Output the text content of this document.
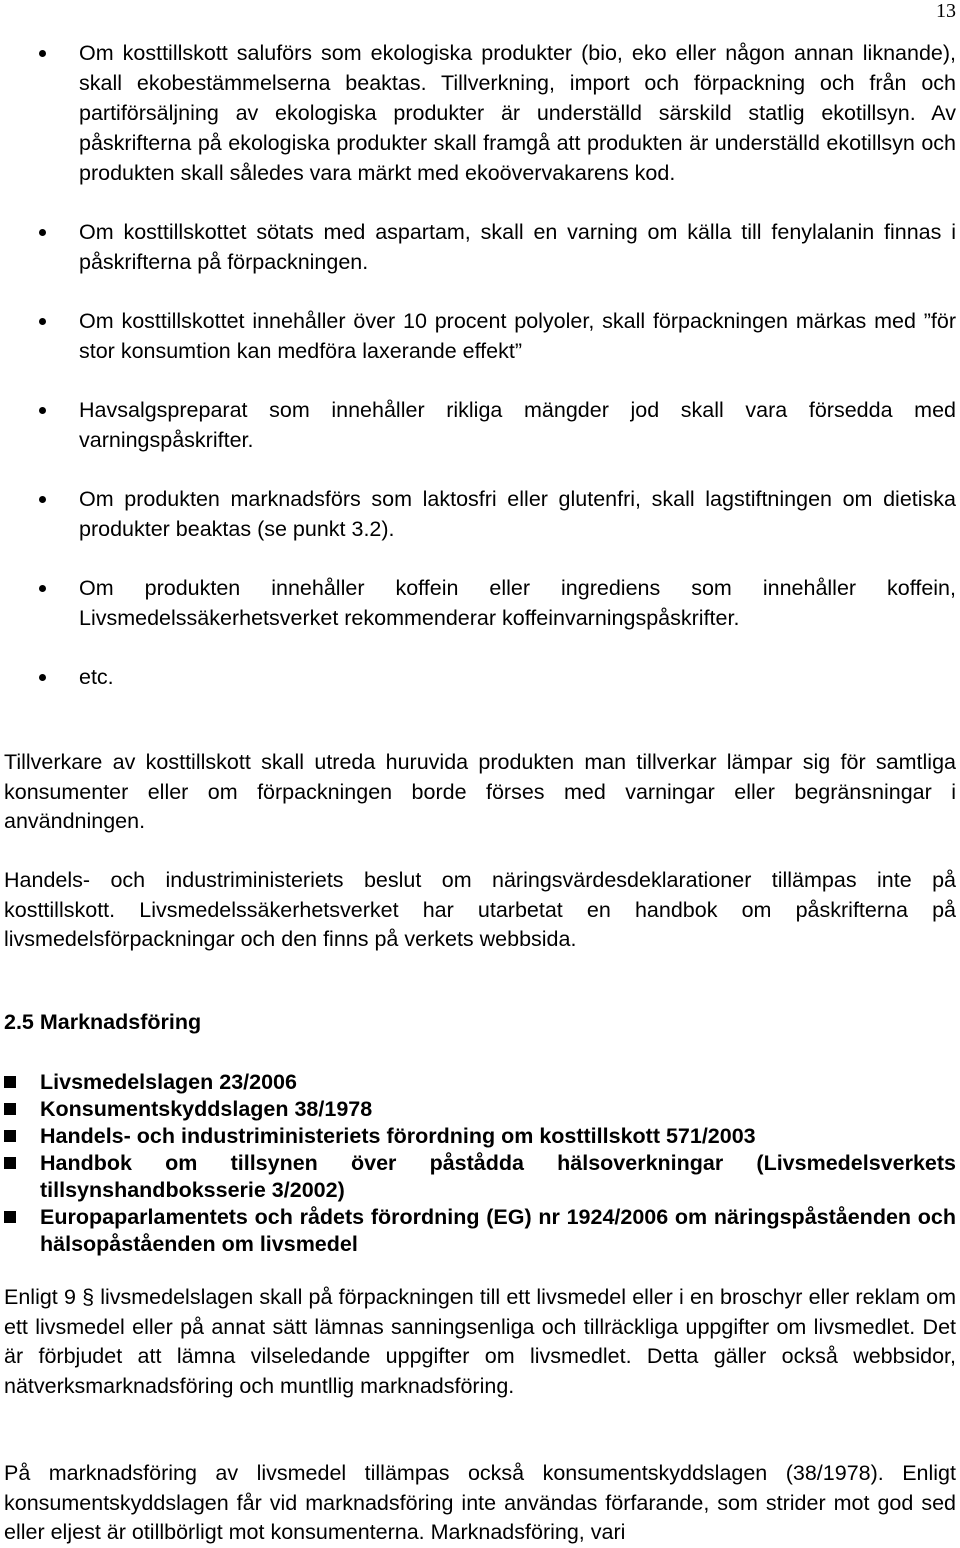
13
Om kosttillskott saluförs som ekologiska produkter (bio, eko eller någon annan liknande), skall ekobestämmelserna beaktas. Tillverkning, import och förpackning och från och partiförsäljning av ekologiska produkter är underställd särskild statlig ekotillsyn. Av påskrifterna på ekologiska produkter skall framgå att produkten är underställd ekotillsyn och produkten skall således vara märkt med ekoövervakarens kod.
Om kosttillskottet sötats med aspartam, skall en varning om källa till fenylalanin finnas i påskrifterna på förpackningen.
Om kosttillskottet innehåller över 10 procent polyoler, skall förpackningen märkas med ”för stor konsumtion kan medföra laxerande effekt”
Havsalgspreparat som innehåller rikliga mängder jod skall vara försedda med varningspåskrifter.
Om produkten marknadsförs som laktosfri eller glutenfri, skall lagstiftningen om dietiska produkter beaktas (se punkt 3.2).
Om produkten innehåller koffein eller ingrediens som innehåller koffein, Livsmedelssäkerhetsverket rekommenderar koffeinvarningspåskrifter.
etc.
Tillverkare av kosttillskott skall utreda huruvida produkten man tillverkar lämpar sig för samtliga konsumenter eller om förpackningen borde förses med varningar eller begränsningar i användningen.
Handels- och industriministeriets beslut om näringsvärdesdeklarationer tillämpas inte på kosttillskott. Livsmedelssäkerhetsverket har utarbetat en handbok om påskrifterna på livsmedelsförpackningar och den finns på verkets webbsida.
2.5 Marknadsföring
Livsmedelslagen 23/2006
Konsumentskyddslagen 38/1978
Handels- och industriministeriets förordning om kosttillskott 571/2003
Handbok om tillsynen över påstådda hälsoverkningar (Livsmedelsverkets tillsynshandboksserie 3/2002)
Europaparlamentets och rådets förordning (EG) nr 1924/2006 om näringspåståenden och hälsopåståenden om livsmedel
Enligt 9 § livsmedelslagen skall på förpackningen till ett livsmedel eller i en broschyr eller reklam om ett livsmedel eller på annat sätt lämnas sanningsenliga och tillräckliga uppgifter om livsmedlet. Det är förbjudet att lämna vilseledande uppgifter om livsmedlet. Detta gäller också webbsidor, nätverksmarknadsföring och muntllig marknadsföring.
På marknadsföring av livsmedel tillämpas också konsumentskyddslagen (38/1978). Enligt konsumentskyddslagen får vid marknadsföring inte användas förfarande, som strider mot god sed eller eljest är otillbörligt mot konsumenterna. Marknadsföring, vari
